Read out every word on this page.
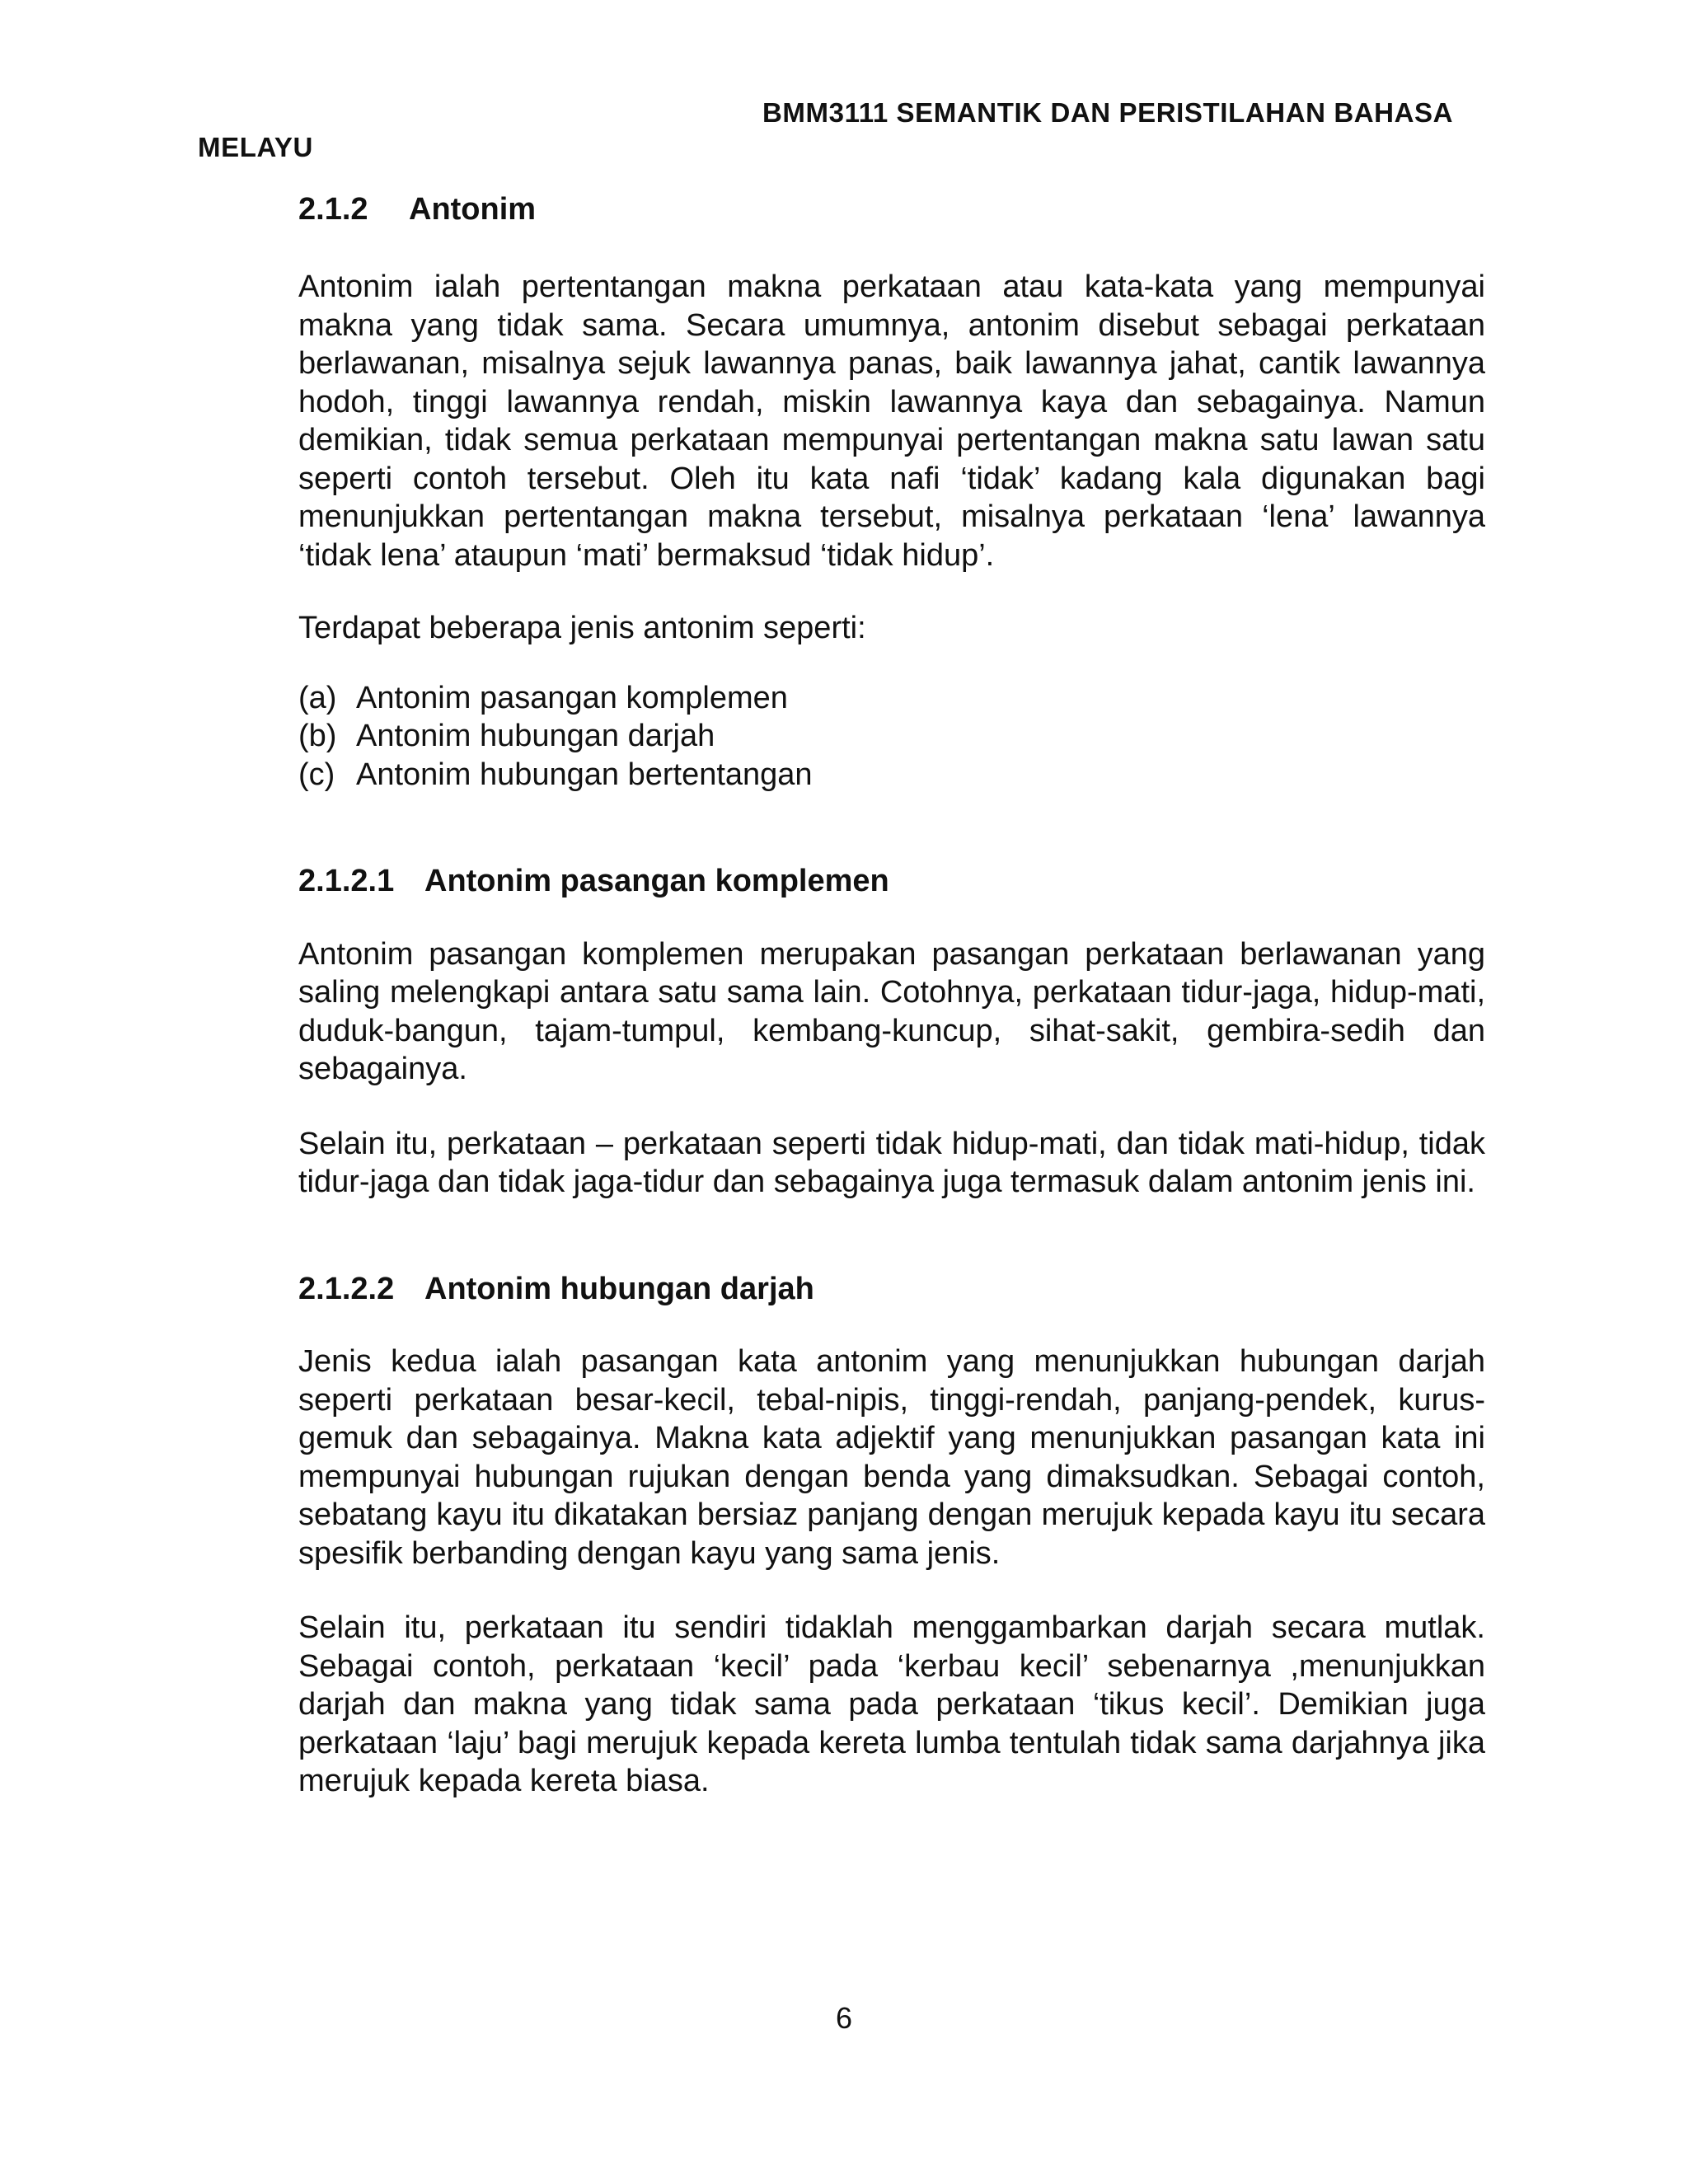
BMM3111 SEMANTIK DAN PERISTILAHAN BAHASA
MELAYU
2.1.2 Antonim

Antonim ialah pertentangan makna perkataan atau kata-kata yang mempunyai makna yang tidak sama. Secara umumnya, antonim disebut sebagai perkataan berlawanan, misalnya sejuk lawannya panas, baik lawannya jahat, cantik lawannya hodoh, tinggi lawannya rendah, miskin lawannya kaya dan sebagainya. Namun demikian, tidak semua perkataan mempunyai pertentangan makna satu lawan satu seperti contoh tersebut. Oleh itu kata nafi ‘tidak’ kadang kala digunakan bagi menunjukkan pertentangan makna tersebut, misalnya perkataan ‘lena’ lawannya ‘tidak lena’ ataupun ‘mati’ bermaksud ‘tidak hidup’.

Terdapat beberapa jenis antonim seperti:

(a) Antonim pasangan komplemen
(b) Antonim hubungan darjah
(c) Antonim hubungan bertentangan
2.1.2.1 Antonim pasangan komplemen

Antonim pasangan komplemen merupakan pasangan perkataan berlawanan yang saling melengkapi antara satu sama lain. Cotohnya, perkataan tidur-jaga, hidup-mati, duduk-bangun, tajam-tumpul, kembang-kuncup, sihat-sakit, gembira-sedih dan sebagainya.

Selain itu, perkataan – perkataan seperti tidak hidup-mati, dan tidak mati-hidup, tidak tidur-jaga dan tidak jaga-tidur dan sebagainya juga termasuk dalam antonim jenis ini.

2.1.2.2 Antonim hubungan darjah

Jenis kedua ialah pasangan kata antonim yang menunjukkan hubungan darjah seperti perkataan besar-kecil, tebal-nipis, tinggi-rendah, panjang-pendek, kurus-gemuk dan sebagainya. Makna kata adjektif yang menunjukkan pasangan kata ini mempunyai hubungan rujukan dengan benda yang dimaksudkan. Sebagai contoh, sebatang kayu itu dikatakan bersiaz panjang dengan merujuk kepada kayu itu secara spesifik berbanding dengan kayu yang sama jenis.

Selain itu, perkataan itu sendiri tidaklah menggambarkan darjah secara mutlak. Sebagai contoh, perkataan ‘kecil’ pada ‘kerbau kecil’ sebenarnya ,menunjukkan darjah dan makna yang tidak sama pada perkataan ‘tikus kecil’. Demikian juga perkataan ‘laju’ bagi merujuk kepada kereta lumba tentulah tidak sama darjahnya jika merujuk kepada kereta biasa.

6
